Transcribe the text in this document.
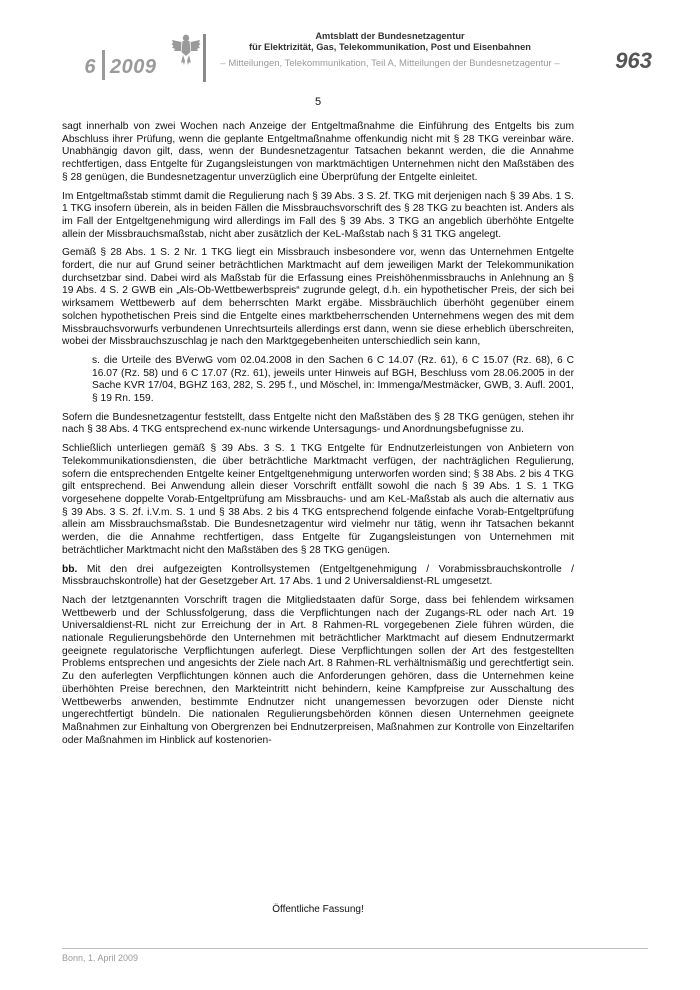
6 2009
Amtsblatt der Bundesnetzagentur
für Elektrizität, Gas, Telekommunikation, Post und Eisenbahnen
– Mitteilungen, Telekommunikation, Teil A, Mitteilungen der Bundesnetzagentur –	963
5

sagt innerhalb von zwei Wochen nach Anzeige der Entgeltmaßnahme die Einführung des Entgelts bis zum Abschluss ihrer Prüfung, wenn die geplante Entgeltmaßnahme offenkundig nicht mit § 28 TKG vereinbar wäre. Unabhängig davon gilt, dass, wenn der Bundesnetzagentur Tatsachen bekannt werden, die die Annahme rechtfertigen, dass Entgelte für Zugangsleistungen von marktmächtigen Unternehmen nicht den Maßstäben des § 28 genügen, die Bundesnetzagentur unverzüglich eine Überprüfung der Entgelte einleitet.

Im Entgeltmaßstab stimmt damit die Regulierung nach § 39 Abs. 3 S. 2f. TKG mit derjenigen nach § 39 Abs. 1 S. 1 TKG insofern überein, als in beiden Fällen die Missbrauchsvorschrift des § 28 TKG zu beachten ist. Anders als im Fall der Entgeltgenehmigung wird allerdings im Fall des § 39 Abs. 3 TKG an angeblich überhöhte Entgelte allein der Missbrauchsmaßstab, nicht aber zusätzlich der KeL-Maßstab nach § 31 TKG angelegt.

Gemäß § 28 Abs. 1 S. 2 Nr. 1 TKG liegt ein Missbrauch insbesondere vor, wenn das Unternehmen Entgelte fordert, die nur auf Grund seiner beträchtlichen Marktmacht auf dem jeweiligen Markt der Telekommunikation durchsetzbar sind. Dabei wird als Maßstab für die Erfassung eines Preishöhenmissbrauchs in Anlehnung an § 19 Abs. 4 S. 2 GWB ein „Als-Ob-Wettbewerbspreis“ zugrunde gelegt, d.h. ein hypothetischer Preis, der sich bei wirksamem Wettbewerb auf dem beherrschten Markt ergäbe. Missbräuchlich überhöht gegenüber einem solchen hypothetischen Preis sind die Entgelte eines marktbeherrschenden Unternehmens wegen des mit dem Missbrauchsvorwurfs verbundenen Unrechtsurteils allerdings erst dann, wenn sie diese erheblich überschreiten, wobei der Missbrauchszuschlag je nach den Marktgegebenheiten unterschiedlich sein kann,

s. die Urteile des BVerwG vom 02.04.2008 in den Sachen 6 C 14.07 (Rz. 61), 6 C 15.07 (Rz. 68), 6 C 16.07 (Rz. 58) und 6 C 17.07 (Rz. 61), jeweils unter Hinweis auf BGH, Beschluss vom 28.06.2005 in der Sache KVR 17/04, BGHZ 163, 282, S. 295 f., und Möschel, in: Immenga/Mestmäcker, GWB, 3. Aufl. 2001, § 19 Rn. 159.

Sofern die Bundesnetzagentur feststellt, dass Entgelte nicht den Maßstäben des § 28 TKG genügen, stehen ihr nach § 38 Abs. 4 TKG entsprechend ex-nunc wirkende Untersagungs- und Anordnungsbefugnisse zu.

Schließlich unterliegen gemäß § 39 Abs. 3 S. 1 TKG Entgelte für Endnutzerleistungen von Anbietern von Telekommunikationsdiensten, die über beträchtliche Marktmacht verfügen, der nachträglichen Regulierung, sofern die entsprechenden Entgelte keiner Entgeltgenehmigung unterworfen worden sind; § 38 Abs. 2 bis 4 TKG gilt entsprechend. Bei Anwendung allein dieser Vorschrift entfällt sowohl die nach § 39 Abs. 1 S. 1 TKG vorgesehene doppelte Vorab-Entgeltprüfung am Missbrauchs- und am KeL-Maßstab als auch die alternativ aus § 39 Abs. 3 S. 2f. i.V.m. S. 1 und § 38 Abs. 2 bis 4 TKG entsprechend folgende einfache Vorab-Entgeltprüfung allein am Missbrauchsmaßstab. Die Bundesnetzagentur wird vielmehr nur tätig, wenn ihr Tatsachen bekannt werden, die die Annahme rechtfertigen, dass Entgelte für Zugangsleistungen von Unternehmen mit beträchtlicher Marktmacht nicht den Maßstäben des § 28 TKG genügen.

bb. Mit den drei aufgezeigten Kontrollsystemen (Entgeltgenehmigung / Vorabmissbrauchskontrolle / Missbrauchskontrolle) hat der Gesetzgeber Art. 17 Abs. 1 und 2 Universaldienst-RL umgesetzt.

Nach der letztgenannten Vorschrift tragen die Mitgliedstaaten dafür Sorge, dass bei fehlendem wirksamen Wettbewerb und der Schlussfolgerung, dass die Verpflichtungen nach der Zugangs-RL oder nach Art. 19 Universaldienst-RL nicht zur Erreichung der in Art. 8 Rahmen-RL vorgegebenen Ziele führen würden, die nationale Regulierungsbehörde den Unternehmen mit beträchtlicher Marktmacht auf diesem Endnutzermarkt geeignete regulatorische Verpflichtungen auferlegt. Diese Verpflichtungen sollen der Art des festgestellten Problems entsprechen und angesichts der Ziele nach Art. 8 Rahmen-RL verhältnismäßig und gerechtfertigt sein. Zu den auferlegten Verpflichtungen können auch die Anforderungen gehören, dass die Unternehmen keine überhöhten Preise berechnen, den Markteintritt nicht behindern, keine Kampfpreise zur Ausschaltung des Wettbewerbs anwenden, bestimmte Endnutzer nicht unangemessen bevorzugen oder Dienste nicht ungerechtfertigt bündeln. Die nationalen Regulierungsbehörden können diesen Unternehmen geeignete Maßnahmen zur Einhaltung von Obergrenzen bei Endnutzerpreisen, Maßnahmen zur Kontrolle von Einzeltarifen oder Maßnahmen im Hinblick auf kostenorien-

Öffentliche Fassung!
Bonn, 1. April 2009
